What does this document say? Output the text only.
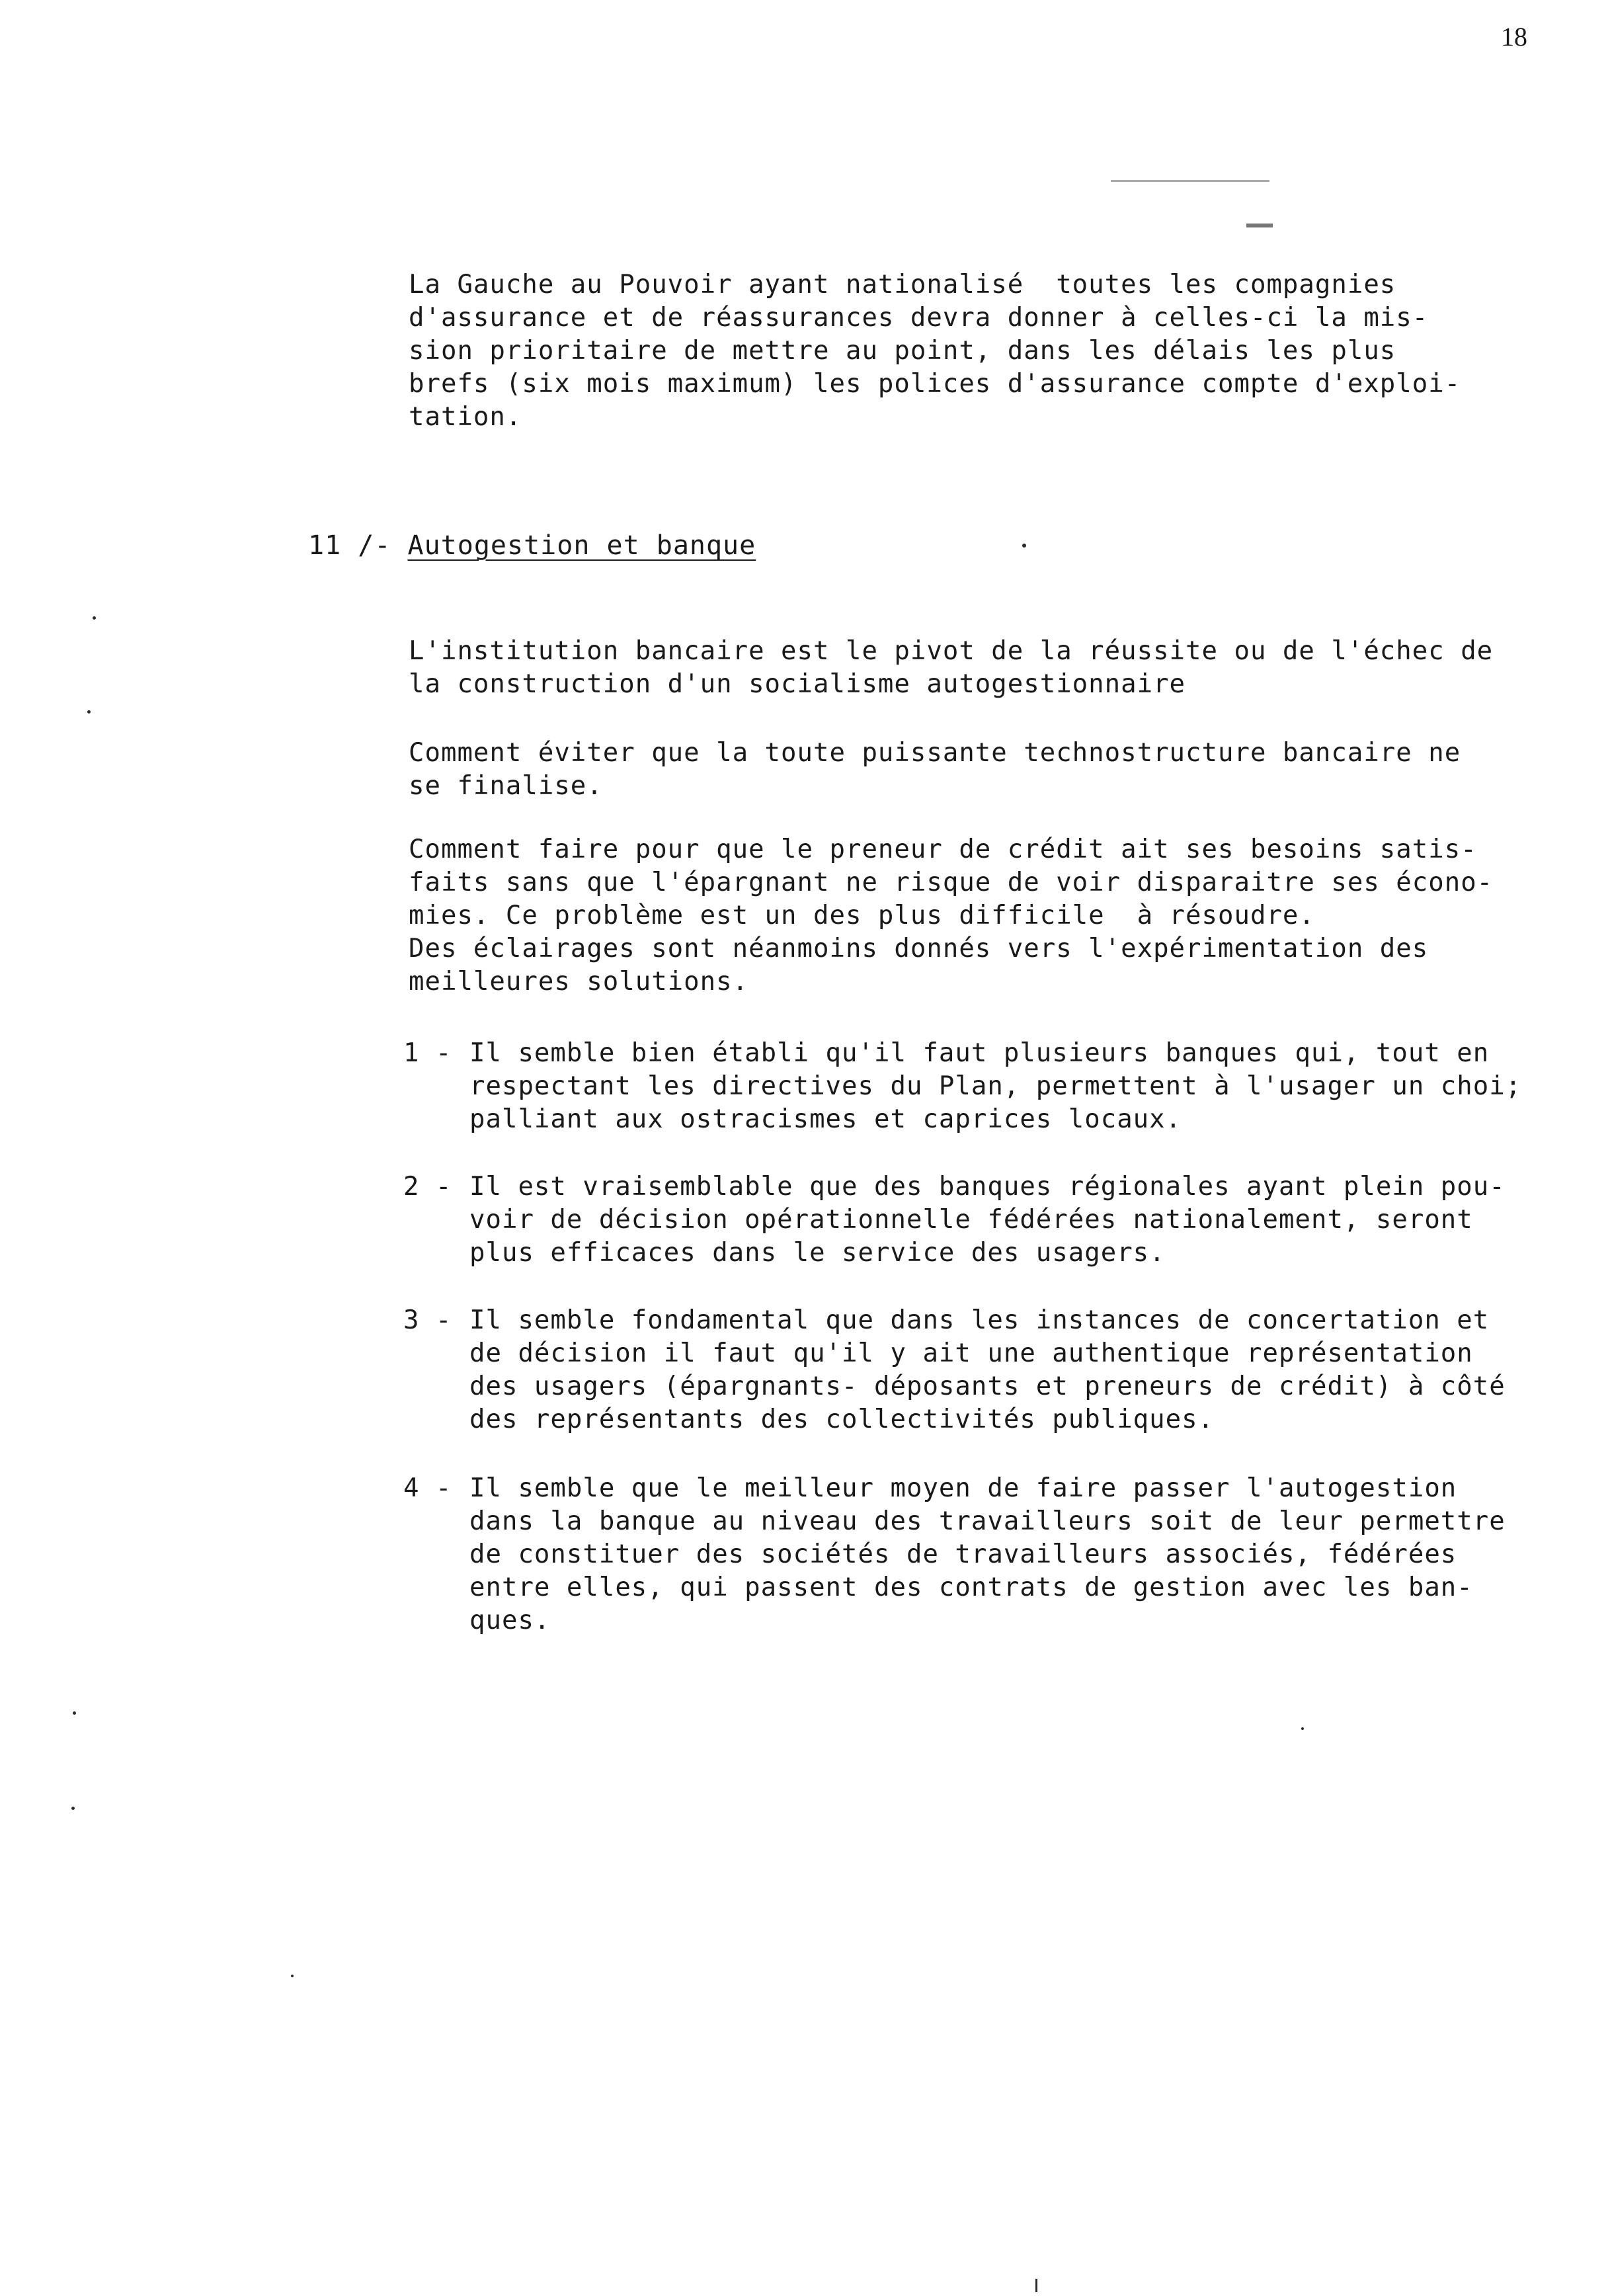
18
La Gauche au Pouvoir ayant nationalisé  toutes les compagnies
d'assurance et de réassurances devra donner à celles-ci la mis-
sion prioritaire de mettre au point, dans les délais les plus
brefs (six mois maximum) les polices d'assurance compte d'exploi-
tation.
11 /- Autogestion et banque
L'institution bancaire est le pivot de la réussite ou de l'échec de
la construction d'un socialisme autogestionnaire
Comment éviter que la toute puissante technostructure bancaire ne
se finalise.
Comment faire pour que le preneur de crédit ait ses besoins satis-
faits sans que l'épargnant ne risque de voir disparaitre ses écono-
mies. Ce problème est un des plus difficile  à résoudre.
Des éclairages sont néanmoins donnés vers l'expérimentation des
meilleures solutions.
1 - Il semble bien établi qu'il faut plusieurs banques qui, tout en
respectant les directives du Plan, permettent à l'usager un choi;
palliant aux ostracismes et caprices locaux.
2 - Il est vraisemblable que des banques régionales ayant plein pou-
voir de décision opérationnelle fédérées nationalement, seront
plus efficaces dans le service des usagers.
3 - Il semble fondamental que dans les instances de concertation et
de décision il faut qu'il y ait une authentique représentation
des usagers (épargnants- déposants et preneurs de crédit) à côté
des représentants des collectivités publiques.
4 - Il semble que le meilleur moyen de faire passer l'autogestion
dans la banque au niveau des travailleurs soit de leur permettre
de constituer des sociétés de travailleurs associés, fédérées
entre elles, qui passent des contrats de gestion avec les ban-
ques.
